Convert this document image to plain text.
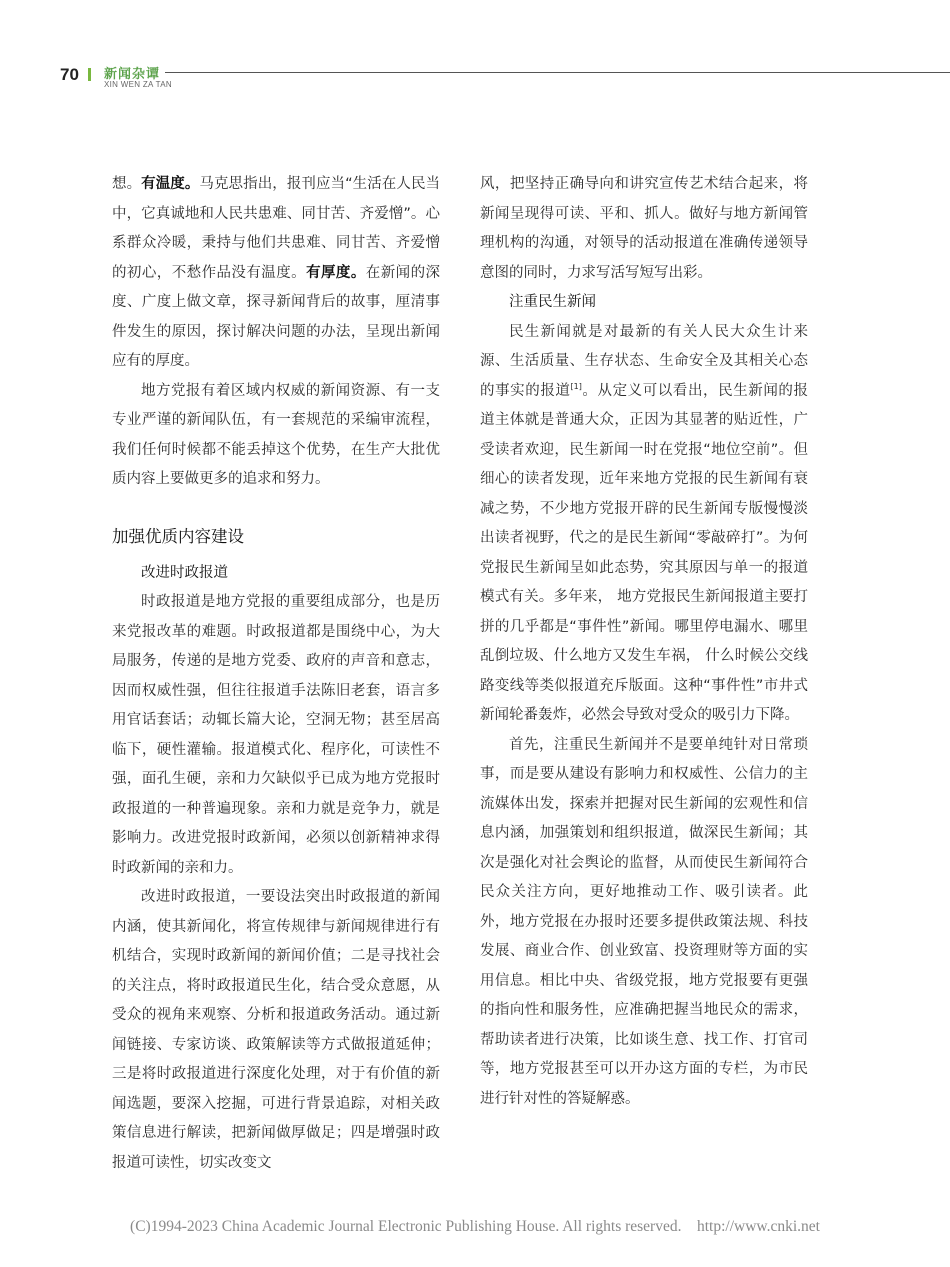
70 新闻杂谭
XIN WEN ZA TAN

想。有温度。马克思指出，报刊应当“生活在人民当中，它真诚地和人民共患难、同甘苦、齐爱憎”。心系群众冷暖，秉持与他们共患难、同甘苦、齐爱憎的初心，不愁作品没有温度。有厚度。在新闻的深度、广度上做文章，探寻新闻背后的故事，厘清事件发生的原因，探讨解决问题的办法，呈现出新闻应有的厚度。

地方党报有着区域内权威的新闻资源、有一支专业严谨的新闻队伍，有一套规范的采编审流程，我们任何时候都不能丢掉这个优势，在生产大批优质内容上要做更多的追求和努力。

加强优质内容建设
改进时政报道

时政报道是地方党报的重要组成部分，也是历来党报改革的难题。时政报道都是围绕中心，为大局服务，传递的是地方党委、政府的声音和意志，因而权威性强，但往往报道手法陈旧老套，语言多用官话套话；动辄长篇大论，空洞无物；甚至居高临下，硬性灌输。报道模式化、程序化，可读性不强，面孔生硬，亲和力欠缺似乎已成为地方党报时政报道的一种普遍现象。亲和力就是竞争力，就是影响力。改进党报时政新闻，必须以创新精神求得时政新闻的亲和力。

改进时政报道，一要设法突出时政报道的新闻内涵，使其新闻化，将宣传规律与新闻规律进行有机结合，实现时政新闻的新闻价值；二是寻找社会的关注点，将时政报道民生化，结合受众意愿，从受众的视角来观察、分析和报道政务活动。通过新闻链接、专家访谈、政策解读等方式做报道延伸；三是将时政报道进行深度化处理，对于有价值的新闻选题，要深入挖掘，可进行背景追踪，对相关政策信息进行解读，把新闻做厚做足；四是增强时政报道可读性，切实改变文

风，把坚持正确导向和讲究宣传艺术结合起来，将新闻呈现得可读、平和、抓人。做好与地方新闻管理机构的沟通，对领导的活动报道在准确传递领导意图的同时，力求写活写短写出彩。

注重民生新闻

民生新闻就是对最新的有关人民大众生计来源、生活质量、生存状态、生命安全及其相关心态的事实的报道[1]。从定义可以看出，民生新闻的报道主体就是普通大众，正因为其显著的贴近性，广受读者欢迎，民生新闻一时在党报“地位空前”。但细心的读者发现，近年来地方党报的民生新闻有衰减之势，不少地方党报开辟的民生新闻专版慢慢淡出读者视野，代之的是民生新闻“零敲碎打”。为何党报民生新闻呈如此态势，究其原因与单一的报道模式有关。多年来， 地方党报民生新闻报道主要打拼的几乎都是“事件性”新闻。哪里停电漏水、哪里乱倒垃圾、什么地方又发生车祸， 什么时候公交线路变线等类似报道充斥版面。这种“事件性”市井式新闻轮番轰炸，必然会导致对受众的吸引力下降。

首先，注重民生新闻并不是要单纯针对日常琐事，而是要从建设有影响力和权威性、公信力的主流媒体出发，探索并把握对民生新闻的宏观性和信息内涵，加强策划和组织报道，做深民生新闻；其次是强化对社会舆论的监督，从而使民生新闻符合民众关注方向，更好地推动工作、吸引读者。此外，地方党报在办报时还要多提供政策法规、科技发展、商业合作、创业致富、投资理财等方面的实用信息。相比中央、省级党报，地方党报要有更强的指向性和服务性，应准确把握当地民众的需求，帮助读者进行决策，比如谈生意、找工作、打官司等，地方党报甚至可以开办这方面的专栏，为市民进行针对性的答疑解惑。

(C)1994-2023 China Academic Journal Electronic Publishing House. All rights reserved.    http://www.cnki.net
